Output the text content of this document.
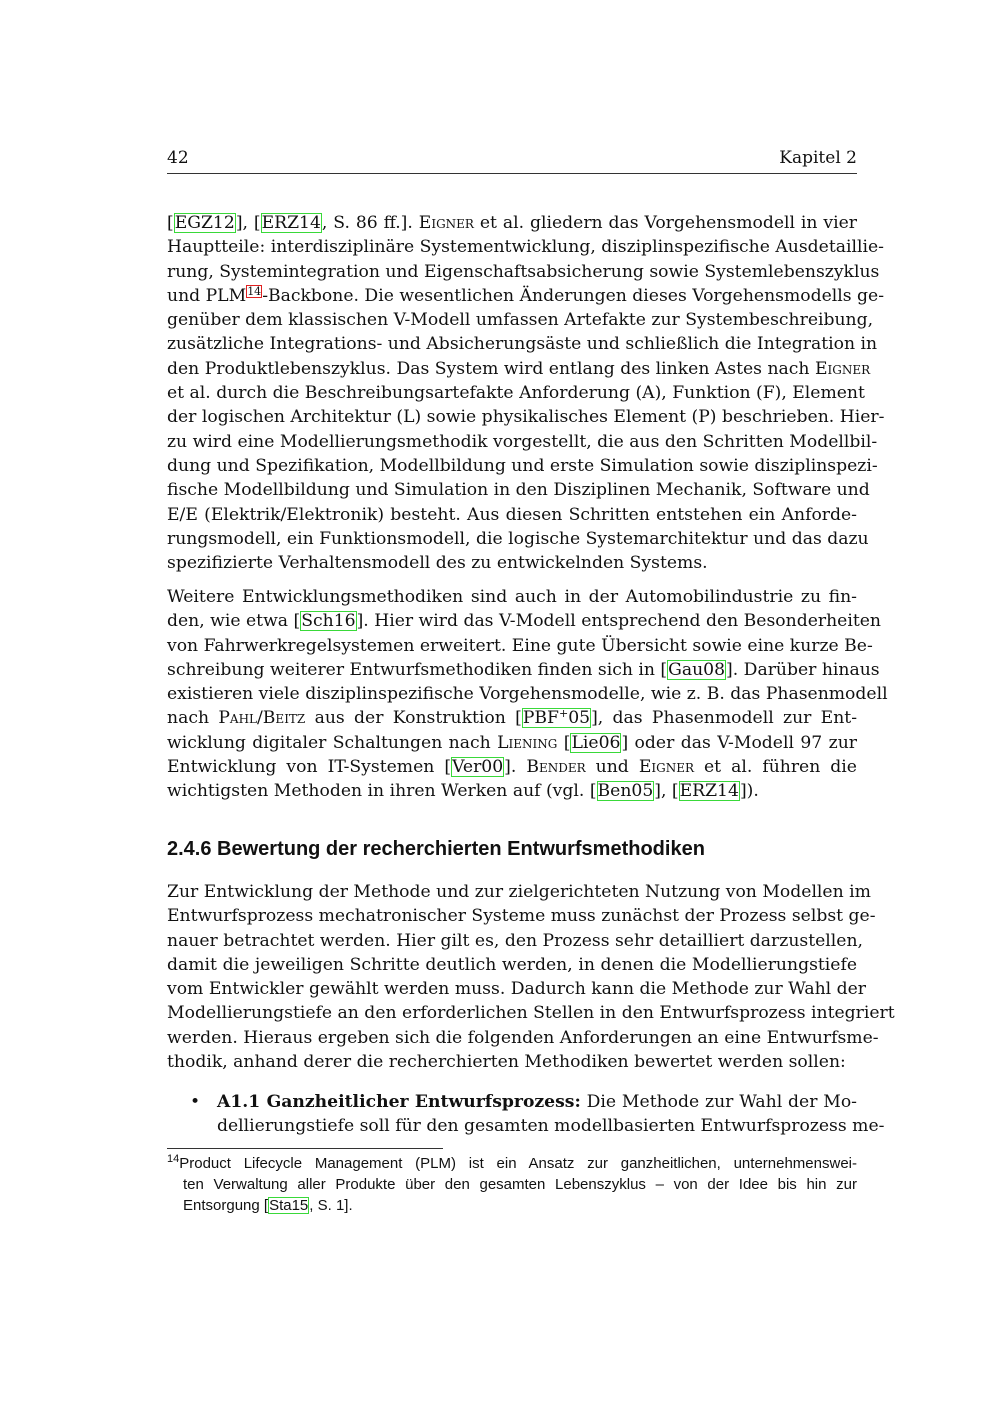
42	Kapitel 2
[EGZ12], [ERZ14, S. 86 ff.]. Eigner et al. gliedern das Vorgehensmodell in vier
Hauptteile: interdisziplinäre Systementwicklung, disziplinspezifische Ausdetaillie-
rung, Systemintegration und Eigenschaftsabsicherung sowie Systemlebenszyklus
und PLM$^{14}$-Backbone. Die wesentlichen Änderungen dieses Vorgehensmodells ge-
genüber dem klassischen V-Modell umfassen Artefakte zur Systembeschreibung,
zusätzliche Integrations- und Absicherungsäste und schließlich die Integration in
den Produktlebenszyklus. Das System wird entlang des linken Astes nach Eigner
et al. durch die Beschreibungsartefakte Anforderung (A), Funktion (F), Element
der logischen Architektur (L) sowie physikalisches Element (P) beschrieben. Hier-
zu wird eine Modellierungsmethodik vorgestellt, die aus den Schritten Modellbil-
dung und Spezifikation, Modellbildung und erste Simulation sowie disziplinspezi-
fische Modellbildung und Simulation in den Disziplinen Mechanik, Software und
E/E (Elektrik/Elektronik) besteht. Aus diesen Schritten entstehen ein Anforde-
rungsmodell, ein Funktionsmodell, die logische Systemarchitektur und das dazu
spezifizierte Verhaltensmodell des zu entwickelnden Systems.
Weitere Entwicklungsmethodiken sind auch in der Automobilindustrie zu fin-
den, wie etwa [Sch16]. Hier wird das V-Modell entsprechend den Besonderheiten
von Fahrwerkregelsystemen erweitert. Eine gute Übersicht sowie eine kurze Be-
schreibung weiterer Entwurfsmethodiken finden sich in [Gau08]. Darüber hinaus
existieren viele disziplinspezifische Vorgehensmodelle, wie z. B. das Phasenmodell
nach Pahl/Beitz aus der Konstruktion [PBF+05], das Phasenmodell zur Ent-
wicklung digitaler Schaltungen nach Liening [Lie06] oder das V-Modell 97 zur
Entwicklung von IT-Systemen [Ver00]. Bender und Eigner et al. führen die
wichtigsten Methoden in ihren Werken auf (vgl. [Ben05], [ERZ14]).
2.4.6 Bewertung der recherchierten Entwurfsmethodiken
Zur Entwicklung der Methode und zur zielgerichteten Nutzung von Modellen im
Entwurfsprozess mechatronischer Systeme muss zunächst der Prozess selbst ge-
nauer betrachtet werden. Hier gilt es, den Prozess sehr detailliert darzustellen,
damit die jeweiligen Schritte deutlich werden, in denen die Modellierungstiefe
vom Entwickler gewählt werden muss. Dadurch kann die Methode zur Wahl der
Modellierungstiefe an den erforderlichen Stellen in den Entwurfsprozess integriert
werden. Hieraus ergeben sich die folgenden Anforderungen an eine Entwurfsme-
thodik, anhand derer die recherchierten Methodiken bewertet werden sollen:
• A1.1 Ganzheitlicher Entwurfsprozess: Die Methode zur Wahl der Mo-
dellierungstiefe soll für den gesamten modellbasierten Entwurfsprozess me-
$^{14}$Product Lifecycle Management (PLM) ist ein Ansatz zur ganzheitlichen, unternehmenswei-
ten Verwaltung aller Produkte über den gesamten Lebenszyklus – von der Idee bis hin zur
Entsorgung [Sta15, S. 1].
